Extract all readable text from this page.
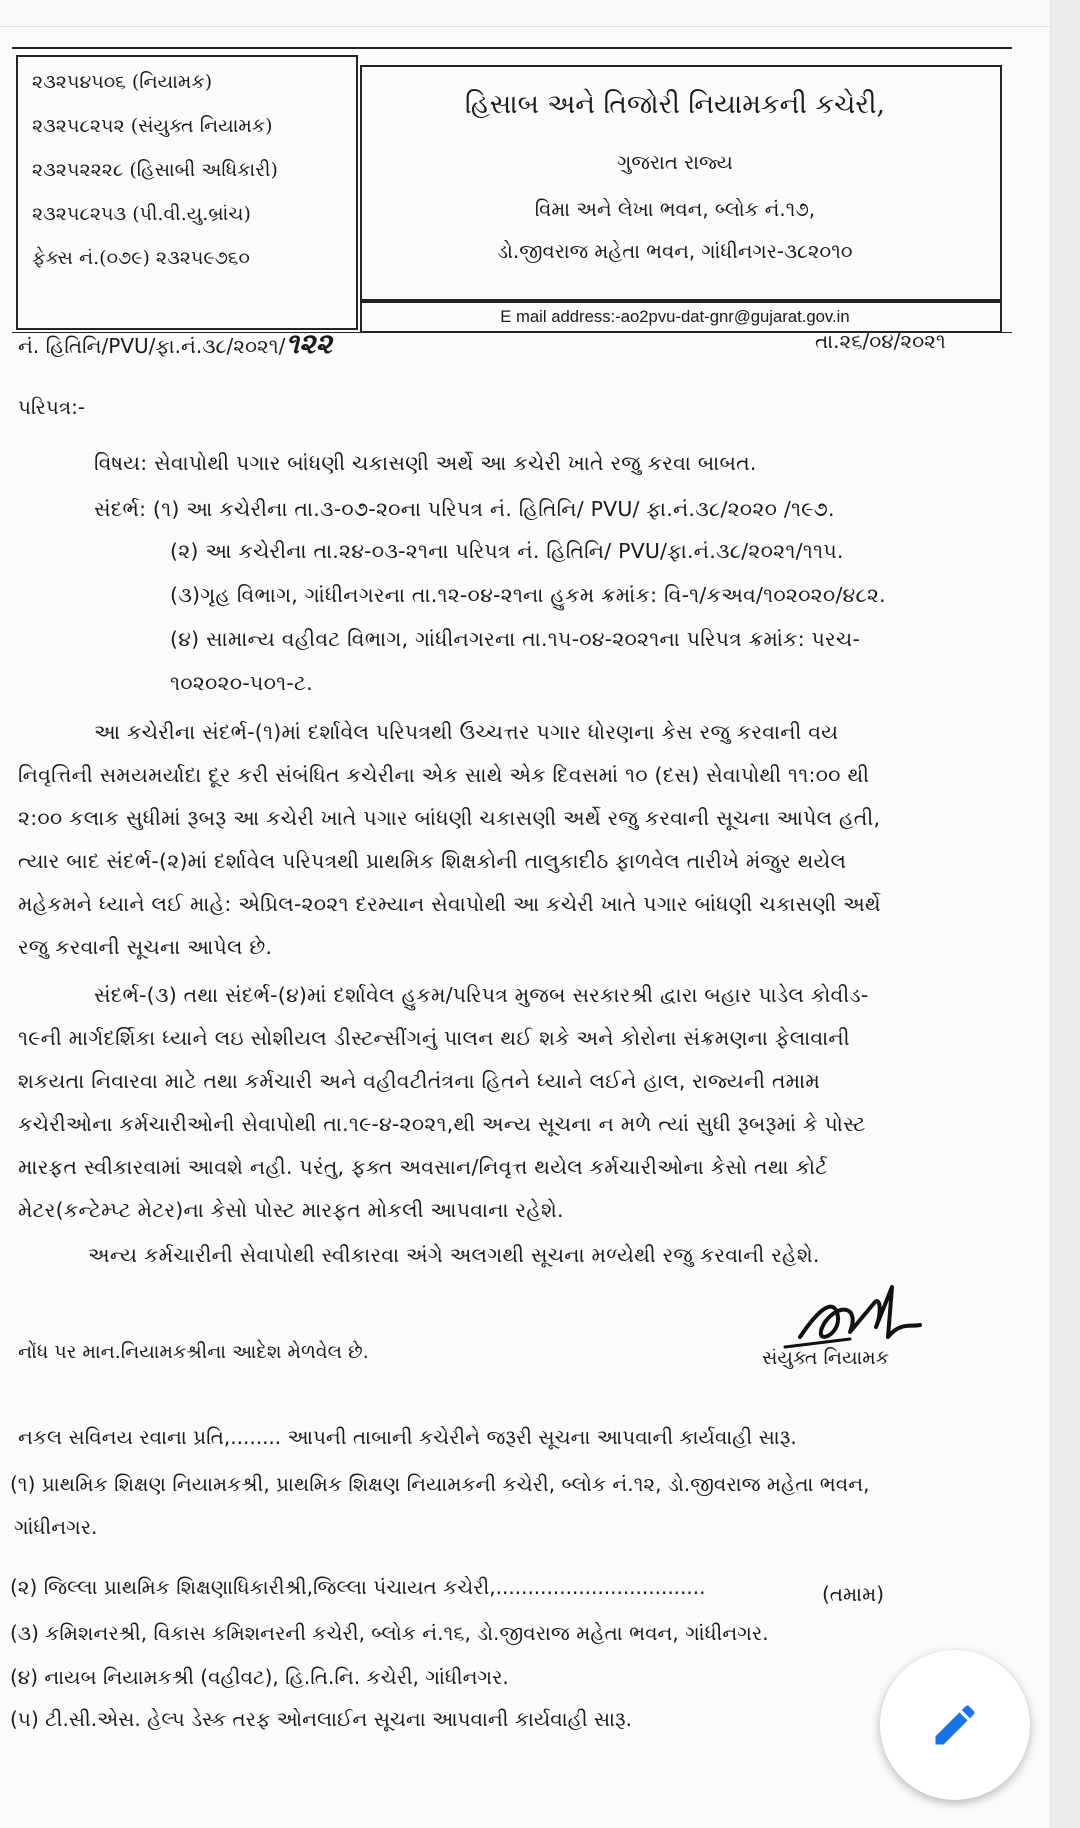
૨૩૨૫૪૫૦૬ (નિયામક)
૨૩૨૫૮૨૫૨ (સંયુક્ત નિયામક)
૨૩૨૫૨૨૨૮ (હિસાબી અધિકારી)
૨૩૨૫૮૨૫૩ (પી.વી.યુ.બ્રાંચ)
ફેક્સ નં.(૦૭૯) ૨૩૨૫૯૭૬૦
હિસાબ અને તિજોરી નિયામકની કચેરી,
ગુજરાત રાજ્ય
વિમા અને લેખા ભવન, બ્લોક નં.૧૭,
ડો.જીવરાજ મહેતા ભવન, ગાંધીનગર-૩૮૨૦૧૦
E mail address:-ao2pvu-dat-gnr@gujarat.gov.in
નં. હિતિનિ/PVU/ફા.નં.૩૮/૨૦૨૧/૧૨૨	તા.૨૬/૦૪/૨૦૨૧
પરિપત્ર:-
વિષય: સેવાપોથી પગાર બાંધણી ચકાસણી અર્થે આ કચેરી ખાતે રજુ કરવા બાબત.
સંદર્ભ: (૧) આ કચેરીના તા.૩-૦૭-૨૦ના પરિપત્ર નં. હિતિનિ/ PVU/ ફા.નં.૩૮/૨૦૨૦ /૧૯૭.
(૨) આ કચેરીના તા.૨૪-૦૩-૨૧ના પરિપત્ર નં. હિતિનિ/ PVU/ફા.નં.૩૮/૨૦૨૧/૧૧૫.
(૩)ગૃહ વિભાગ, ગાંધીનગરના તા.૧૨-૦૪-૨૧ના હુકમ ક્રમાંક: વિ-૧/કઅવ/૧૦૨૦૨૦/૪૮૨.
(૪) સામાન્ય વહીવટ વિભાગ, ગાંધીનગરના તા.૧૫-૦૪-૨૦૨૧ના પરિપત્ર ક્રમાંક: પરચ-
૧૦૨૦૨૦-૫૦૧-ટ.
આ કચેરીના સંદર્ભ-(૧)માં દર્શાવેલ પરિપત્રથી ઉચ્ચત્તર પગાર ધોરણના કેસ રજુ કરવાની વય
નિવૃત્તિની સમયમર્યાદા દૂર કરી સંબંધિત કચેરીના એક સાથે એક દિવસમાં ૧૦ (દસ) સેવાપોથી ૧૧:૦૦ થી
૨:૦૦ કલાક સુધીમાં રૂબરૂ આ કચેરી ખાતે પગાર બાંધણી ચકાસણી અર્થે રજુ કરવાની સૂચના આપેલ હતી,
ત્યાર બાદ સંદર્ભ-(૨)માં દર્શાવેલ પરિપત્રથી પ્રાથમિક શિક્ષકોની તાલુકાદીઠ ફાળવેલ તારીખે મંજુર થયેલ
મહેકમને ધ્યાને લઈ માહે: એપ્રિલ-૨૦૨૧ દરમ્યાન સેવાપોથી આ કચેરી ખાતે પગાર બાંધણી ચકાસણી અર્થે
રજુ કરવાની સૂચના આપેલ છે.
સંદર્ભ-(૩) તથા સંદર્ભ-(૪)માં દર્શાવેલ હુકમ/પરિપત્ર મુજબ સરકારશ્રી દ્વારા બહાર પાડેલ કોવીડ-
૧૯ની માર્ગદર્શિકા ધ્યાને લઇ સોશીયલ ડીસ્ટન્સીંગનું પાલન થઈ શકે અને કોરોના સંક્રમણના ફેલાવાની
શકયતા નિવારવા માટે તથા કર્મચારી અને વહીવટીતંત્રના હિતને ધ્યાને લઈને હાલ, રાજ્યની તમામ
કચેરીઓના કર્મચારીઓની સેવાપોથી તા.૧૯-૪-૨૦૨૧,થી અન્ય સૂચના ન મળે ત્યાં સુધી રૂબરૂમાં કે પોસ્ટ
મારફત સ્વીકારવામાં આવશે નહી. પરંતુ, ફક્ત અવસાન/નિવૃત્ત થયેલ કર્મચારીઓના કેસો તથા કોર્ટ
મેટર(કન્ટેમ્પ્ટ મેટર)ના કેસો પોસ્ટ મારફત મોકલી આપવાના રહેશે.
અન્ય કર્મચારીની સેવાપોથી સ્વીકારવા અંગે અલગથી સૂચના મળ્યેથી રજુ કરવાની રહેશે.
નોંધ પર માન.નિયામકશ્રીના આદેશ મેળવેલ છે.	સંયુક્ત નિયામક
નકલ સવિનય રવાના પ્રતિ,........ આપની તાબાની કચેરીને જરૂરી સૂચના આપવાની કાર્યવાહી સારૂ.
(૧) પ્રાથમિક શિક્ષણ નિયામકશ્રી, પ્રાથમિક શિક્ષણ નિયામકની કચેરી, બ્લોક નં.૧૨, ડો.જીવરાજ મહેતા ભવન,
ગાંધીનગર.
(૨) જિલ્લા પ્રાથમિક શિક્ષણાધિકારીશ્રી,જિલ્લા પંચાયત કચેરી,.................................	(તમામ)
(૩) કમિશનરશ્રી, વિકાસ કમિશનરની કચેરી, બ્લોક નં.૧૬, ડો.જીવરાજ મહેતા ભવન, ગાંધીનગર.
(૪) નાયબ નિયામકશ્રી (વહીવટ), હિ.તિ.નિ. કચેરી, ગાંધીનગર.
(૫) ટી.સી.એસ. હેલ્પ ડેસ્ક તરફ ઓનલાઈન સૂચના આપવાની કાર્યવાહી સારૂ.
